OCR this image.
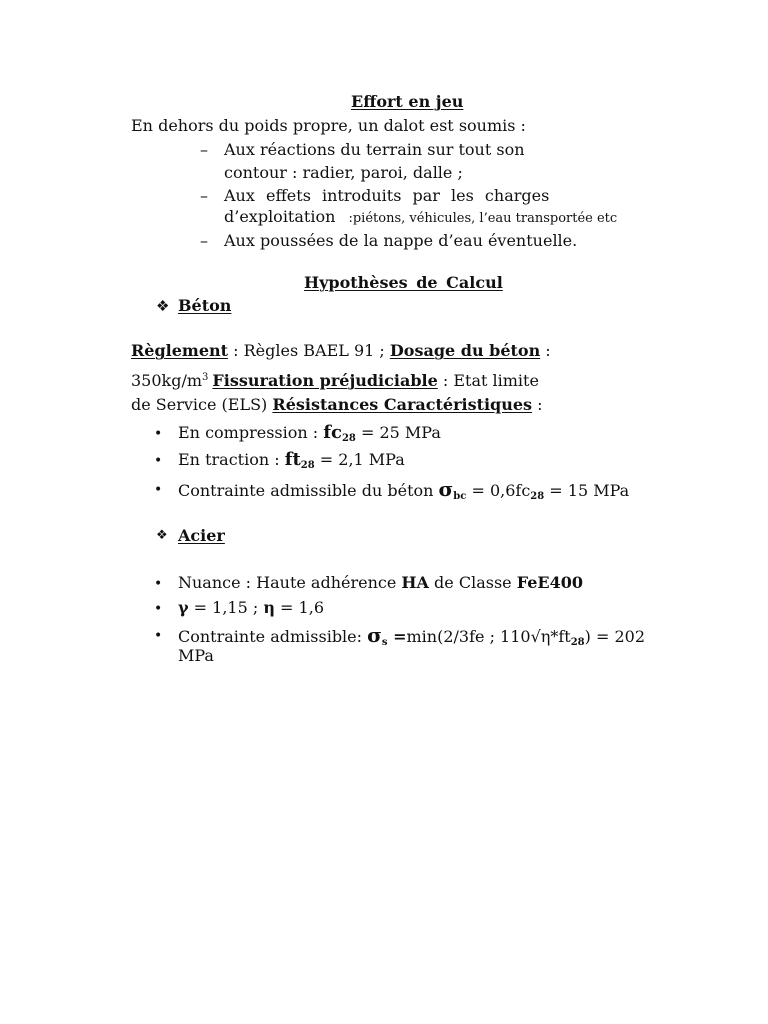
Effort en jeu
En dehors du poids propre, un dalot est soumis :
– Aux réactions du terrain sur tout son
contour : radier, paroi, dalle ;
– Aux effets introduits par les charges
d’exploitation :piétons, véhicules, l’eau transportée etc
– Aux poussées de la nappe d’eau éventuelle.
Hypothèses de Calcul
❖ Béton
Règlement : Règles BAEL 91 ; Dosage du béton :
$350kg/m^3$ Fissuration préjudiciable : Etat limite
de Service (ELS) Résistances Caractéristiques :
• En compression : $fc_{28} = 25$ MPa
• En traction : $ft_{28} = 2,1$ MPa
• Contrainte admissible du béton $\sigma_{bc} = 0,6fc_{28} = 15$ MPa
❖ Acier
• Nuance : Haute adhérence HA de Classe FeE400
• γ = 1,15 ; η = 1,6
• Contrainte admissible: $\sigma_s =\min(2/3fe$ ; $110√\eta*ft_{28}) = 202$
MPa
